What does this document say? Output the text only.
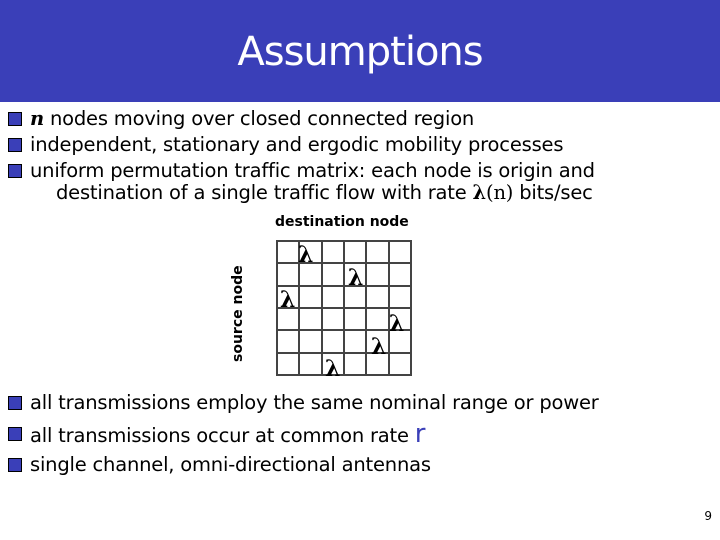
Assumptions
n nodes moving over closed connected region
independent, stationary and ergodic mobility processes
uniform permutation traffic matrix: each node is origin and
destination of a single traffic flow with rate λ(n) bits/sec
destination node
source node
λ
λ
λ
λ
λ
λ
all transmissions employ the same nominal range or power
all transmissions occur at common rate r
single channel, omni-directional antennas
9
